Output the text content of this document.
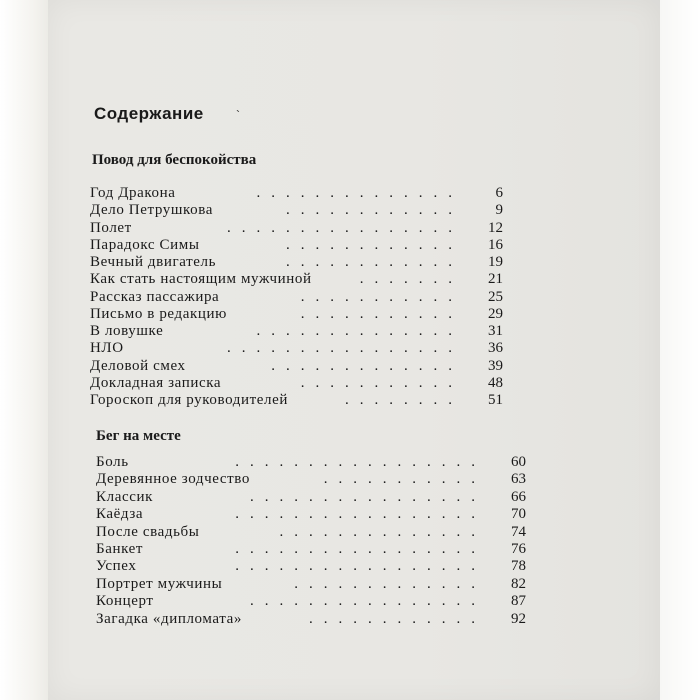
Содержание	`
Повод для беспокойства
Год Дракона	..............	6
Дело Петрушкова	............	9
Полет	................	12
Парадокс Симы	............	16
Вечный двигатель	............	19
Как стать настоящим мужчиной	.......	21
Рассказ пассажира	...........	25
Письмо в редакцию	...........	29
В ловушке	..............	31
НЛО	................	36
Деловой смех	.............	39
Докладная записка	...........	48
Гороскоп для руководителей	........	51
Бег на месте
Боль	.................	60
Деревянное зодчество	...........	63
Классик	................	66
Каёдза	.................	70
После свадьбы	..............	74
Банкет	.................	76
Успех	.................	78
Портрет мужчины	.............	82
Концерт	................	87
Загадка «дипломата»	............	92
